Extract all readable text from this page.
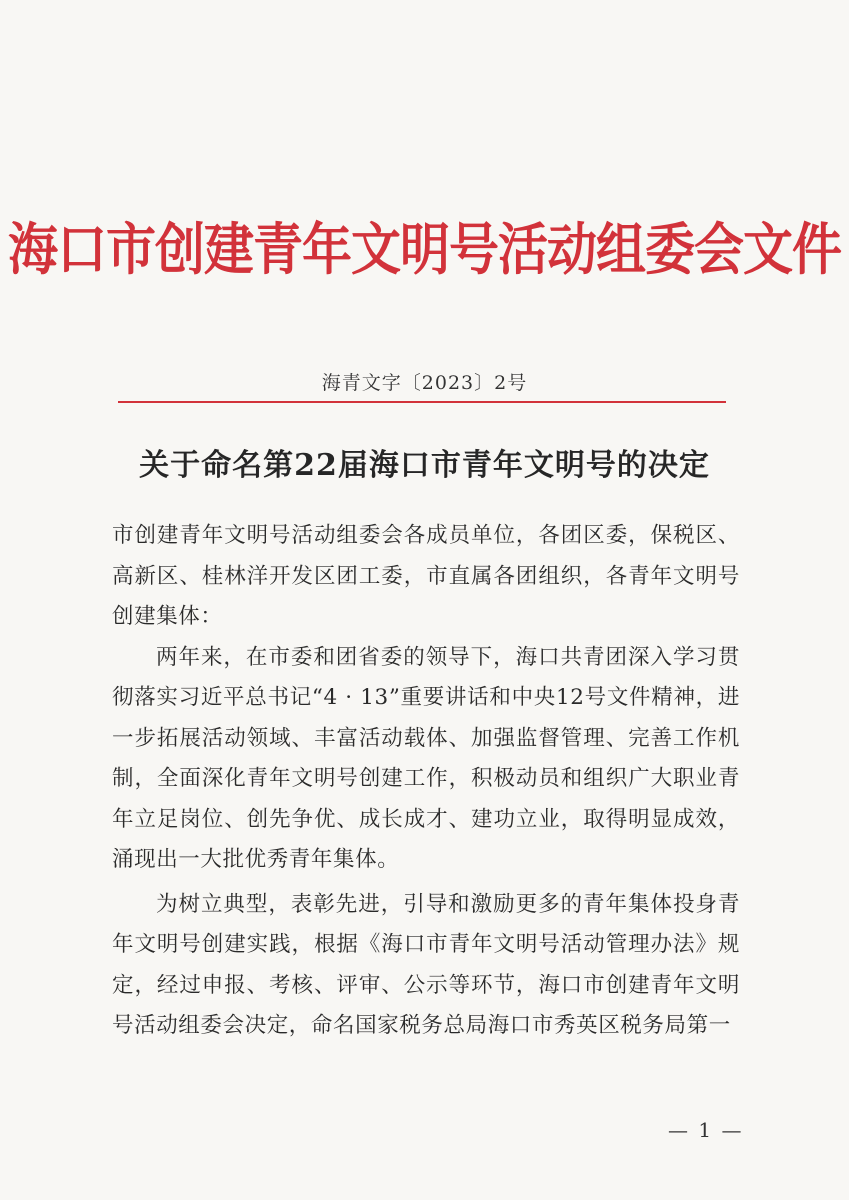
海口市创建青年文明号活动组委会文件
海青文字〔2023〕2号
关于命名第22届海口市青年文明号的决定

市创建青年文明号活动组委会各成员单位，各团区委，保税区、高新区、桂林洋开发区团工委，市直属各团组织，各青年文明号创建集体：

两年来，在市委和团省委的领导下，海口共青团深入学习贯彻落实习近平总书记“4 · 13”重要讲话和中央12号文件精神，进一步拓展活动领域、丰富活动载体、加强监督管理、完善工作机制，全面深化青年文明号创建工作，积极动员和组织广大职业青年立足岗位、创先争优、成长成才、建功立业，取得明显成效，涌现出一大批优秀青年集体。

为树立典型，表彰先进，引导和激励更多的青年集体投身青年文明号创建实践，根据《海口市青年文明号活动管理办法》规定，经过申报、考核、评审、公示等环节，海口市创建青年文明号活动组委会决定，命名国家税务总局海口市秀英区税务局第一

— 1 —
